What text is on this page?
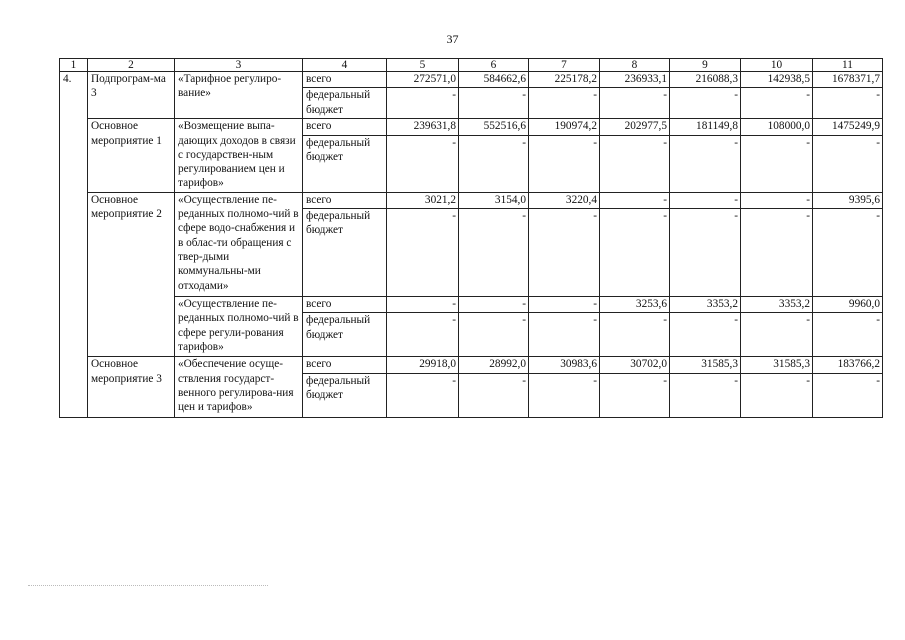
37
1	2	3	4	5	6	7	8	9	10	11
4.	Подпрограм-ма 3	«Тарифное регулиро-вание»	всего	272571,0	584662,6	225178,2	236933,1	216088,3	142938,5	1678371,7
			федеральный бюджет	-	-	-	-	-	-	-
	Основное мероприятие 1	«Возмещение выпа-дающих доходов в связи с государствен-ным регулированием цен и тарифов»	всего	239631,8	552516,6	190974,2	202977,5	181149,8	108000,0	1475249,9
			федеральный бюджет	-	-	-	-	-	-	-
	Основное мероприятие 2	«Осуществление пе-реданных полномо-чий в сфере водо-снабжения и в облас-ти обращения с твер-дыми коммунальны-ми отходами»	всего	3021,2	3154,0	3220,4	-	-	-	9395,6
			федеральный бюджет	-	-	-	-	-	-	-
		«Осуществление пе-реданных полномо-чий в сфере регули-рования тарифов»	всего	-	-	-	3253,6	3353,2	3353,2	9960,0
			федеральный бюджет	-	-	-	-	-	-	-
	Основное мероприятие 3	«Обеспечение осуще-ствления государст-венного регулирова-ния цен и тарифов»	всего	29918,0	28992,0	30983,6	30702,0	31585,3	31585,3	183766,2
			федеральный бюджет	-	-	-	-	-	-	-
